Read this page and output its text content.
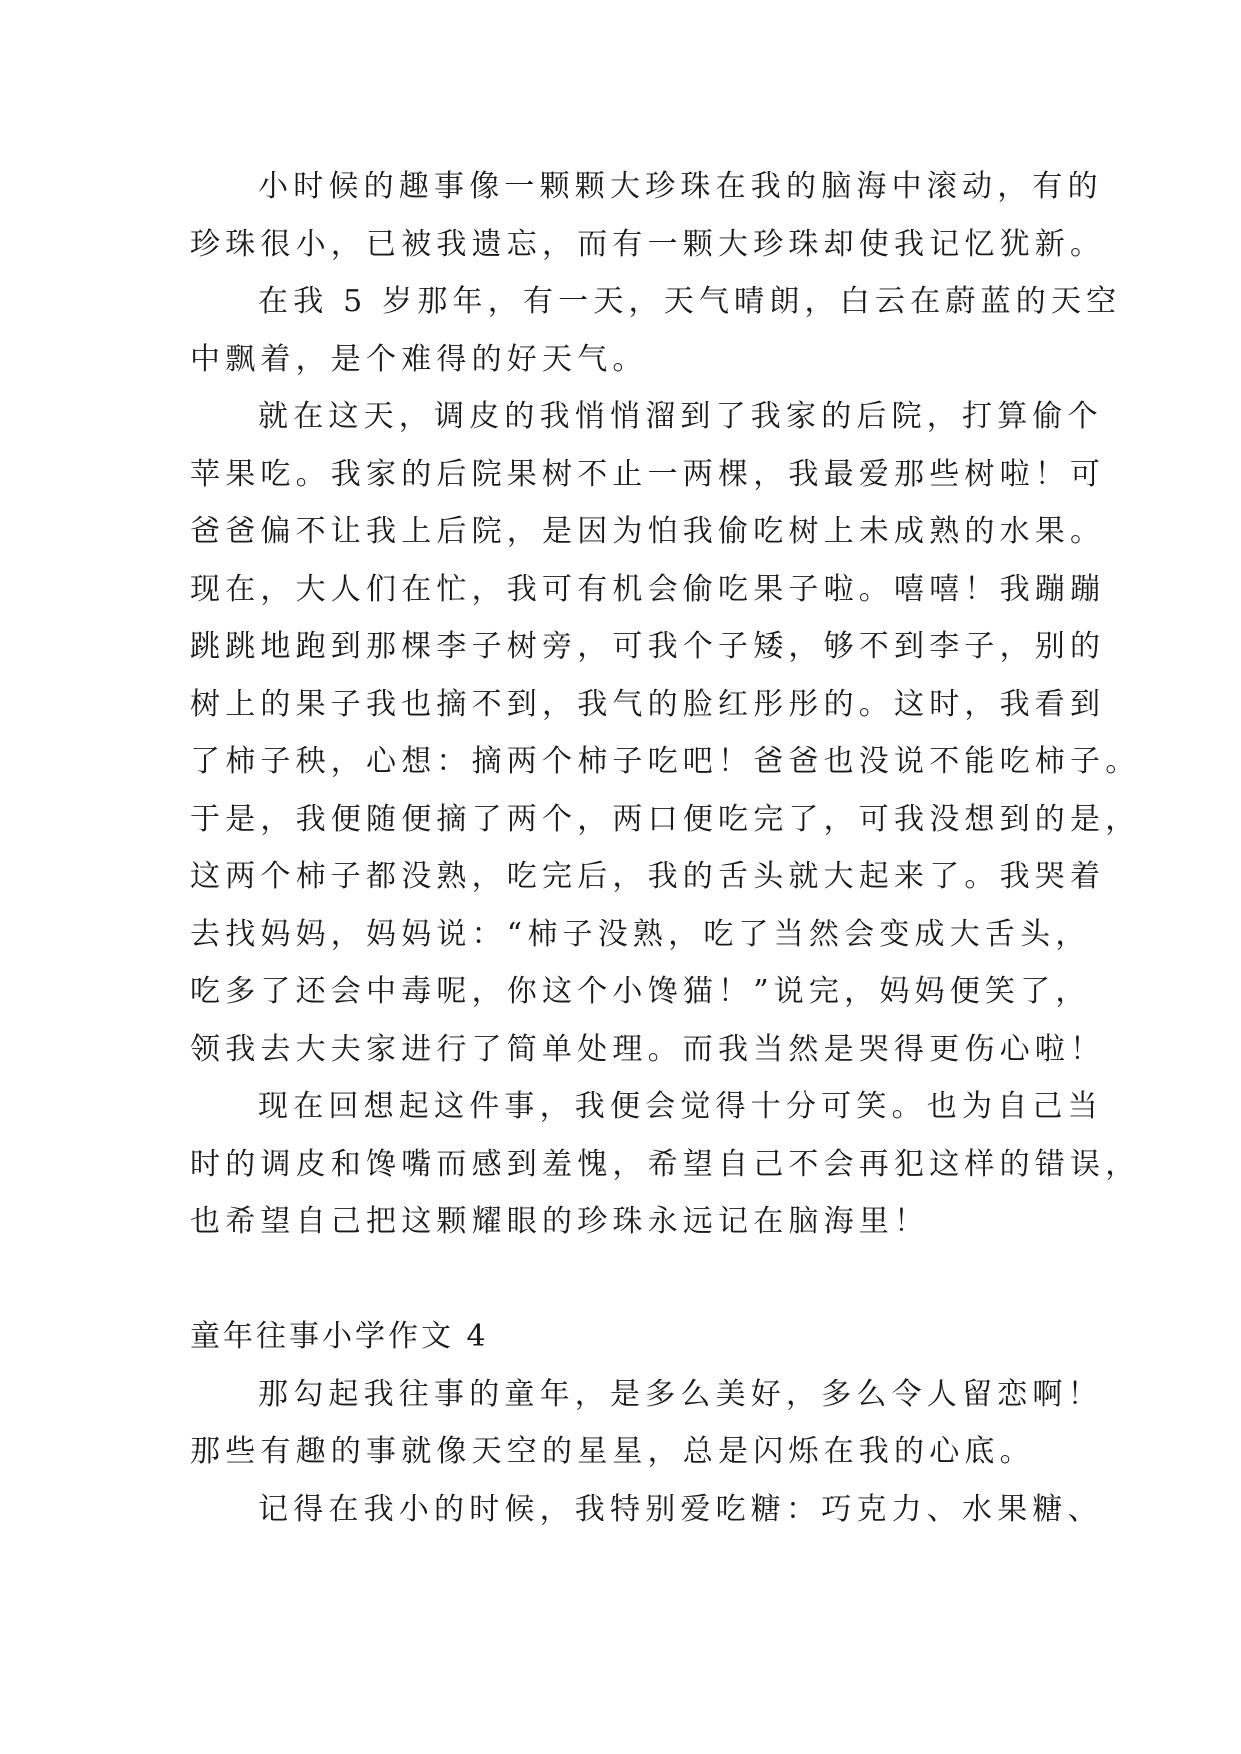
小时候的趣事像一颗颗大珍珠在我的脑海中滚动，有的

珍珠很小，已被我遗忘，而有一颗大珍珠却使我记忆犹新。

在我 5 岁那年，有一天，天气晴朗，白云在蔚蓝的天空

中飘着，是个难得的好天气。

就在这天，调皮的我悄悄溜到了我家的后院，打算偷个

苹果吃。我家的后院果树不止一两棵，我最爱那些树啦！可

爸爸偏不让我上后院，是因为怕我偷吃树上未成熟的水果。

现在，大人们在忙，我可有机会偷吃果子啦。嘻嘻！我蹦蹦

跳跳地跑到那棵李子树旁，可我个子矮，够不到李子，别的

树上的果子我也摘不到，我气的脸红彤彤的。这时，我看到

了柿子秧，心想：摘两个柿子吃吧！爸爸也没说不能吃柿子。

于是，我便随便摘了两个，两口便吃完了，可我没想到的是，

这两个柿子都没熟，吃完后，我的舌头就大起来了。我哭着

去找妈妈，妈妈说：“柿子没熟，吃了当然会变成大舌头，

吃多了还会中毒呢，你这个小馋猫！”说完，妈妈便笑了，

领我去大夫家进行了简单处理。而我当然是哭得更伤心啦！

现在回想起这件事，我便会觉得十分可笑。也为自己当

时的调皮和馋嘴而感到羞愧，希望自己不会再犯这样的错误，

也希望自己把这颗耀眼的珍珠永远记在脑海里！

童年往事小学作文 4

那勾起我往事的童年，是多么美好，多么令人留恋啊！

那些有趣的事就像天空的星星，总是闪烁在我的心底。

记得在我小的时候，我特别爱吃糖：巧克力、水果糖、
